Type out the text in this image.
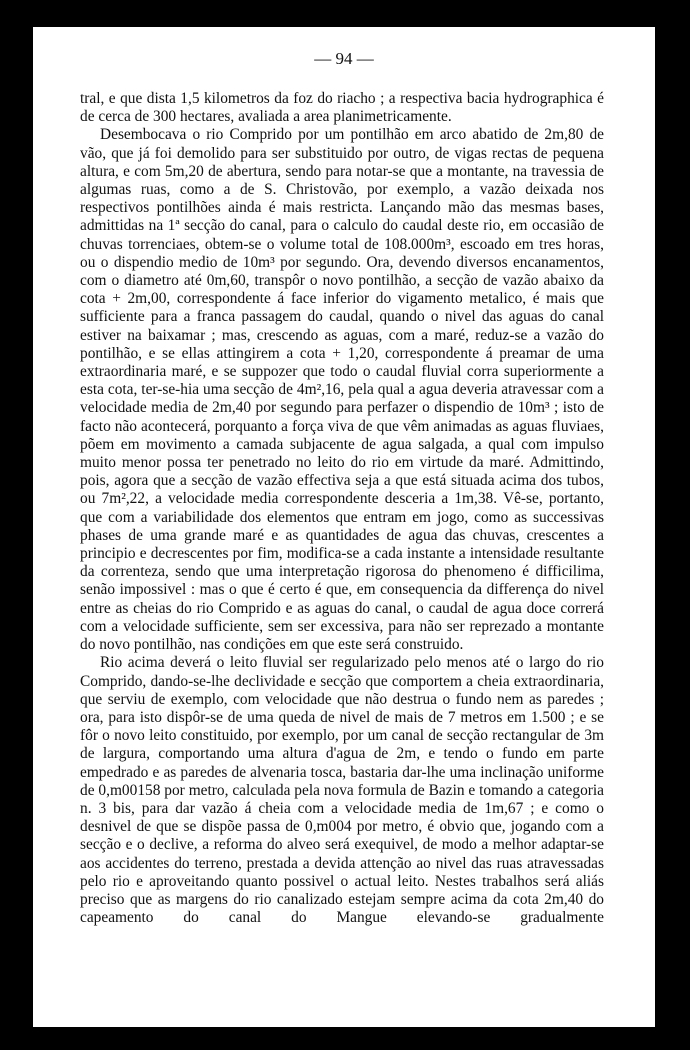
— 94 —

tral, e que dista 1,5 kilometros da foz do riacho ; a respectiva bacia hydrographica é de cerca de 300 hectares, avaliada a area planimetricamente.

Desembocava o rio Comprido por um pontilhão em arco abatido de 2m,80 de vão, que já foi demolido para ser substituido por outro, de vigas rectas de pequena altura, e com 5m,20 de abertura, sendo para notar-se que a montante, na travessia de algumas ruas, como a de S. Christovão, por exemplo, a vazão deixada nos respectivos pontilhões ainda é mais restricta. Lançando mão das mesmas bases, admittidas na 1ª secção do canal, para o calculo do caudal deste rio, em occasião de chuvas torrenciaes, obtem-se o volume total de 108.000m³, escoado em tres horas, ou o dispendio medio de 10m³ por segundo. Ora, devendo diversos encanamentos, com o diametro até 0m,60, transpôr o novo pontilhão, a secção de vazão abaixo da cota + 2m,00, correspondente á face inferior do vigamento metalico, é mais que sufficiente para a franca passagem do caudal, quando o nivel das aguas do canal estiver na baixamar ; mas, crescendo as aguas, com a maré, reduz-se a vazão do pontilhão, e se ellas attingirem a cota + 1,20, correspondente á preamar de uma extraordinaria maré, e se suppozer que todo o caudal fluvial corra superiormente a esta cota, ter-se-hia uma secção de 4m²,16, pela qual a agua deveria atravessar com a velocidade media de 2m,40 por segundo para perfazer o dispendio de 10m³ ; isto de facto não acontecerá, porquanto a força viva de que vêm animadas as aguas fluviaes, põem em movimento a camada subjacente de agua salgada, a qual com impulso muito menor possa ter penetrado no leito do rio em virtude da maré. Admittindo, pois, agora que a secção de vazão effectiva seja a que está situada acima dos tubos, ou 7m²,22, a velocidade media correspondente desceria a 1m,38. Vê-se, portanto, que com a variabilidade dos elementos que entram em jogo, como as successivas phases de uma grande maré e as quantidades de agua das chuvas, crescentes a principio e decrescentes por fim, modifica-se a cada instante a intensidade resultante da correnteza, sendo que uma interpretação rigorosa do phenomeno é difficilima, senão impossivel : mas o que é certo é que, em consequencia da differença do nivel entre as cheias do rio Comprido e as aguas do canal, o caudal de agua doce correrá com a velocidade sufficiente, sem ser excessiva, para não ser reprezado a montante do novo pontilhão, nas condições em que este será construido.

Rio acima deverá o leito fluvial ser regularizado pelo menos até o largo do rio Comprido, dando-se-lhe declividade e secção que comportem a cheia extraordinaria, que serviu de exemplo, com velocidade que não destrua o fundo nem as paredes ; ora, para isto dispôr-se de uma queda de nivel de mais de 7 metros em 1.500 ; e se fôr o novo leito constituido, por exemplo, por um canal de secção rectangular de 3m de largura, comportando uma altura d'agua de 2m, e tendo o fundo em parte empedrado e as paredes de alvenaria tosca, bastaria dar-lhe uma inclinação uniforme de 0,m00158 por metro, calculada pela nova formula de Bazin e tomando a categoria n. 3 bis, para dar vazão á cheia com a velocidade media de 1m,67 ; e como o desnivel de que se dispõe passa de 0,m004 por metro, é obvio que, jogando com a secção e o declive, a reforma do alveo será exequivel, de modo a melhor adaptar-se aos accidentes do terreno, prestada a devida attenção ao nivel das ruas atravessadas pelo rio e aproveitando quanto possivel o actual leito. Nestes trabalhos será aliás preciso que as margens do rio canalizado estejam sempre acima da cota 2m,40 do capeamento do canal do Mangue elevando-se gradualmente
